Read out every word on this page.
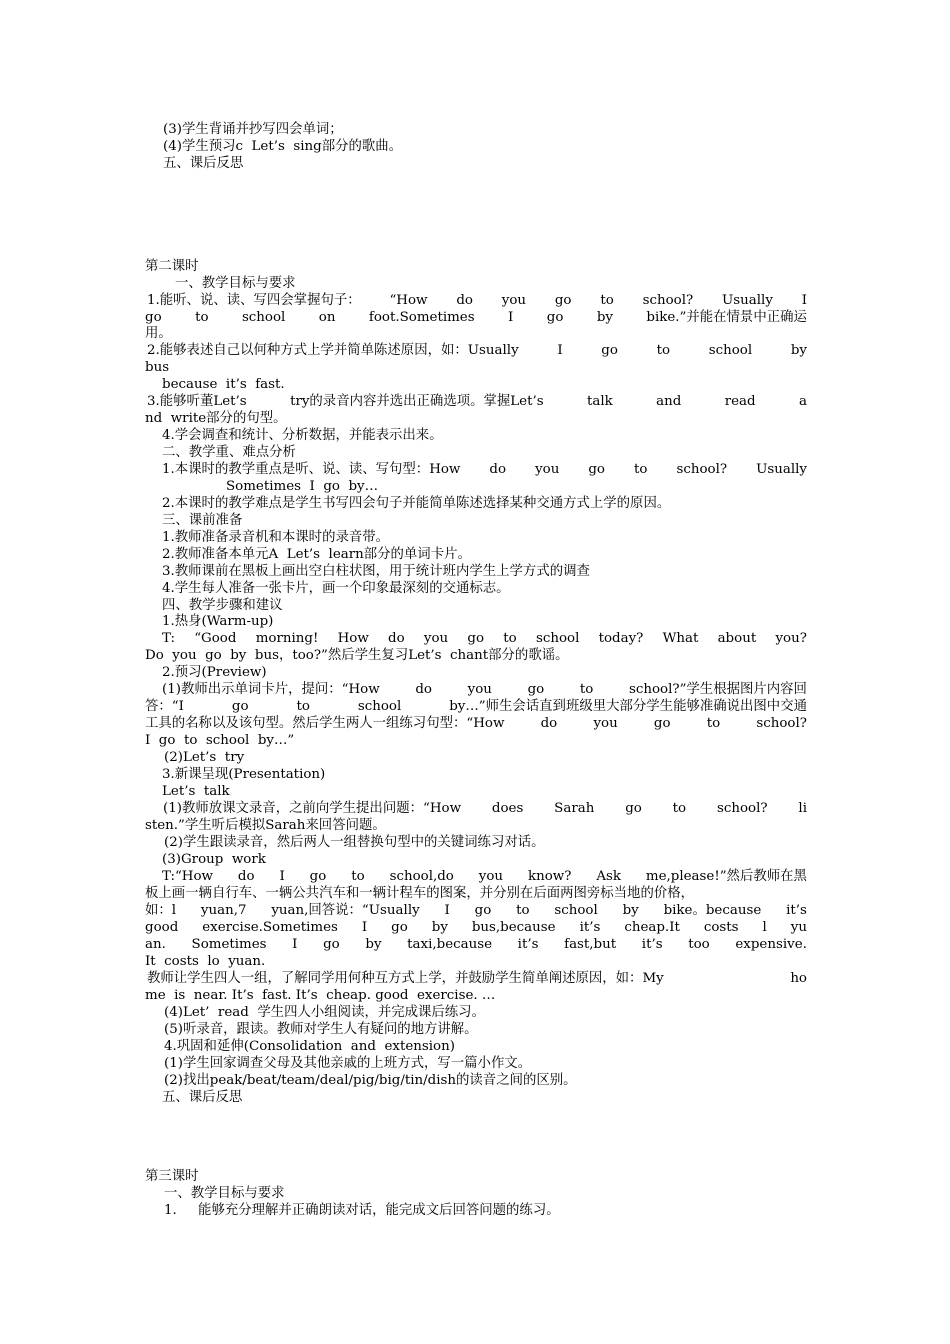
(3)学生背诵并抄写四会单词；
(4)学生预习c  Let’s  sing部分的歌曲。
五、课后反思
第二课时
一、教学目标与要求
1.能听、说、读、写四会掌握句子： “How do you go to school? Usually I
go to school on foot.Sometimes I go by bike.”并能在情景中正确运
用。
2.能够表述自己以何种方式上学并简单陈述原因，如：Usually	I	go	to	school	by
bus
because  it’s  fast.
3.能够听董Let’s	try的录音内容并选出正确选项。掌握Let’s	talk	and	read	a
nd  write部分的句型。
4.学会调查和统计、分析数据，并能表示出来。
二、教学重、难点分析
1.本课时的教学重点是听、说、读、写句型：How do you go to school? Usually
Sometimes  I  go  by…
2.本课时的教学难点是学生书写四会句子并能简单陈述选择某种交通方式上学的原因。
三、课前准备
1.教师准备录音机和本课时的录音带。
2.教师准备本单元A  Let’s  learn部分的单词卡片。
3.教师课前在黑板上画出空白柱状图，用于统计班内学生上学方式的调查
4.学生每人准备一张卡片，画一个印象最深刻的交通标志。
四、教学步骤和建议
1.热身(Warm-up)
T: “Good morning! How do you go to school today? What about you?
Do  you  go  by  bus，too?”然后学生复习Let’s  chant部分的歌谣。
2.预习(Preview)
(1)教师出示单词卡片，提问：“How	do	you	go	to	school?”学生根据图片内容回
答：“I	go	to	school	by…”师生会话直到班级里大部分学生能够准确说出图中交通
工具的名称以及该句型。然后学生两人一组练习句型：“How	do	you	go	to	school?
I  go  to  school  by…”
(2)Let’s  try
3.新课呈现(Presentation)
Let’s  talk
(1)教师放课文录音，之前向学生提出问题：“How does Sarah go to school? li
sten.”学生听后模拟Sarah来回答问题。
(2)学生跟读录音，然后两人一组替换句型中的关键词练习对话。
(3)Group  work
T:“How do I go to school,do you know? Ask me,please!”然后教师在黑
板上画一辆自行车、一辆公共汽车和一辆计程车的图案，并分别在后面两图旁标当地的价格，
如：l yuan,7 yuan,回答说：“Usually I go to school by bike。because it’s
good exercise.Sometimes I go by bus,because it’s cheap.It costs l yu
an. Sometimes I go by taxi,because it’s fast,but it’s too expensive.
It  costs  lo  yuan.
教师让学生四人一组，了解同学用何种互方式上学，并鼓励学生简单阐述原因，如：My	ho
me  is  near. It’s  fast. It’s  cheap. good  exercise. …
(4)Let’  read  学生四人小组阅读，并完成课后练习。
(5)听录音，跟读。教师对学生人有疑问的地方讲解。
4.巩固和延伸(Consolidation  and  extension)
(1)学生回家调查父母及其他亲戚的上班方式，写一篇小作文。
(2)找出peak/beat/team/deal/pig/big/tin/dish的读音之间的区别。
五、课后反思
第三课时
一、教学目标与要求
1.     能够充分理解并正确朗读对话，能完成文后回答问题的练习。
